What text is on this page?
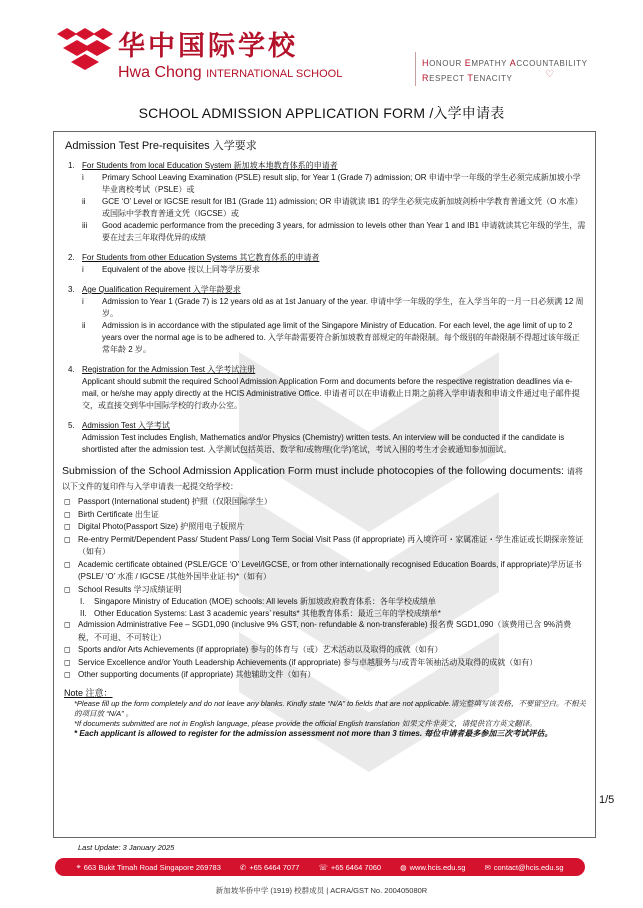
华中国际学校
Hwa Chong INTERNATIONAL SCHOOL
HONOUR EMPATHY ACCOUNTABILITY
RESPECT TENACITY	♡
SCHOOL ADMISSION APPLICATION FORM /入学申请表
Admission Test Pre-requisites 入学要求
1. For Students from local Education System 新加坡本地教育体系的申请者
i	Primary School Leaving Examination (PSLE) result slip, for Year 1 (Grade 7) admission; OR 申请中学一年级的学生必须完成新加坡小学毕业离校考试（PSLE）或
ii	GCE ‘O’ Level or IGCSE result for IB1 (Grade 11) admission; OR 申请就读 IB1 的学生必须完成新加坡剑桥中学教育普通文凭（O 水准）或国际中学教育普通文凭（IGCSE）或
iii	Good academic performance from the preceding 3 years, for admission to levels other than Year 1 and IB1 申请就读其它年级的学生，需要在过去三年取得优异的成绩
2. For Students from other Education Systems 其它教育体系的申请者
i	Equivalent of the above 按以上同等学历要求
3. Age Qualification Requirement 入学年龄要求
i	Admission to Year 1 (Grade 7) is 12 years old as at 1st January of the year. 申请中学一年级的学生，在入学当年的一月一日必须满 12 周岁。
ii	Admission is in accordance with the stipulated age limit of the Singapore Ministry of Education. For each level, the age limit of up to 2 years over the normal age is to be adhered to. 入学年龄需要符合新加坡教育部规定的年龄限制。每个级别的年龄限制不得超过该年级正常年龄 2 岁。
4. Registration for the Admission Test 入学考试注册
Applicant should submit the required School Admission Application Form and documents before the respective registration deadlines via e-mail, or he/she may apply directly at the HCIS Administrative Office. 申请者可以在申请截止日期之前将入学申请表和申请文件通过电子邮件提交，或直接交到华中国际学校的行政办公室。
5. Admission Test 入学考试
Admission Test includes English, Mathematics and/or Physics (Chemistry) written tests. An interview will be conducted if the candidate is shortlisted after the admission test. 入学测试包括英语、数学和/或物理(化学)笔试，考试入围的考生才会被通知参加面试。
Submission of the School Admission Application Form must include photocopies of the following documents: 请将以下文件的复印件与入学申请表一起提交给学校：
◻ Passport (International student) 护照（仅限国际学生）
◻ Birth Certificate 出生证
◻ Digital Photo(Passport Size) 护照用电子版照片
◻ Re-entry Permit/Dependent Pass/ Student Pass/ Long Term Social Visit Pass (if appropriate) 再入境许可・家属准证・学生准证或长期探亲签证（如有）
◻ Academic certificate obtained (PSLE/GCE ‘O’ Level/IGCSE, or from other internationally recognised Education Boards, if appropriate)学历证书 (PSLE/ ‘O’ 水准 / IGCSE /其他外国毕业证书)*（如有）
◻ School Results 学习成绩证明
I.	Singapore Ministry of Education (MOE) schools: All levels 新加坡政府教育体系：各年学校成绩单
II. Other Education Systems: Last 3 academic years’ results* 其他教育体系：最近三年的学校成绩单*
◻ Admission Administrative Fee – SGD1,090 (inclusive 9% GST, non- refundable & non-transferable) 报名费 SGD1,090（该费用已含 9%消费税，不可退、不可转让）
◻ Sports and/or Arts Achievements (if appropriate) 参与的体育与（或）艺术活动以及取得的成就（如有）
◻ Service Excellence and/or Youth Leadership Achievements (if appropriate) 参与卓越服务与/或青年领袖活动及取得的成就（如有）
◻ Other supporting documents (if appropriate) 其他辅助文件（如有）
Note 注意：
*Please fill up the form completely and do not leave any blanks. Kindly state “N/A” to fields that are not applicable.请完整填写该表格，不要留空白。不相关的项目放 “N/A” 。
*If documents submitted are not in English language, please provide the official English translation 如果文件非英文，请提供官方英文翻译。
* Each applicant is allowed to register for the admission assessment not more than 3 times. 每位申请者最多参加三次考试评估。
1/5
Last Update: 3 January 2025
⌖ 663 Bukit Timah Road Singapore 269783	✆ +65 6464 7077	☏ +65 6464 7060	◍ www.hcis.edu.sg	✉ contact@hcis.edu.sg
新加坡华侨中学 (1919) 校群成员 | ACRA/GST No. 200405080R
